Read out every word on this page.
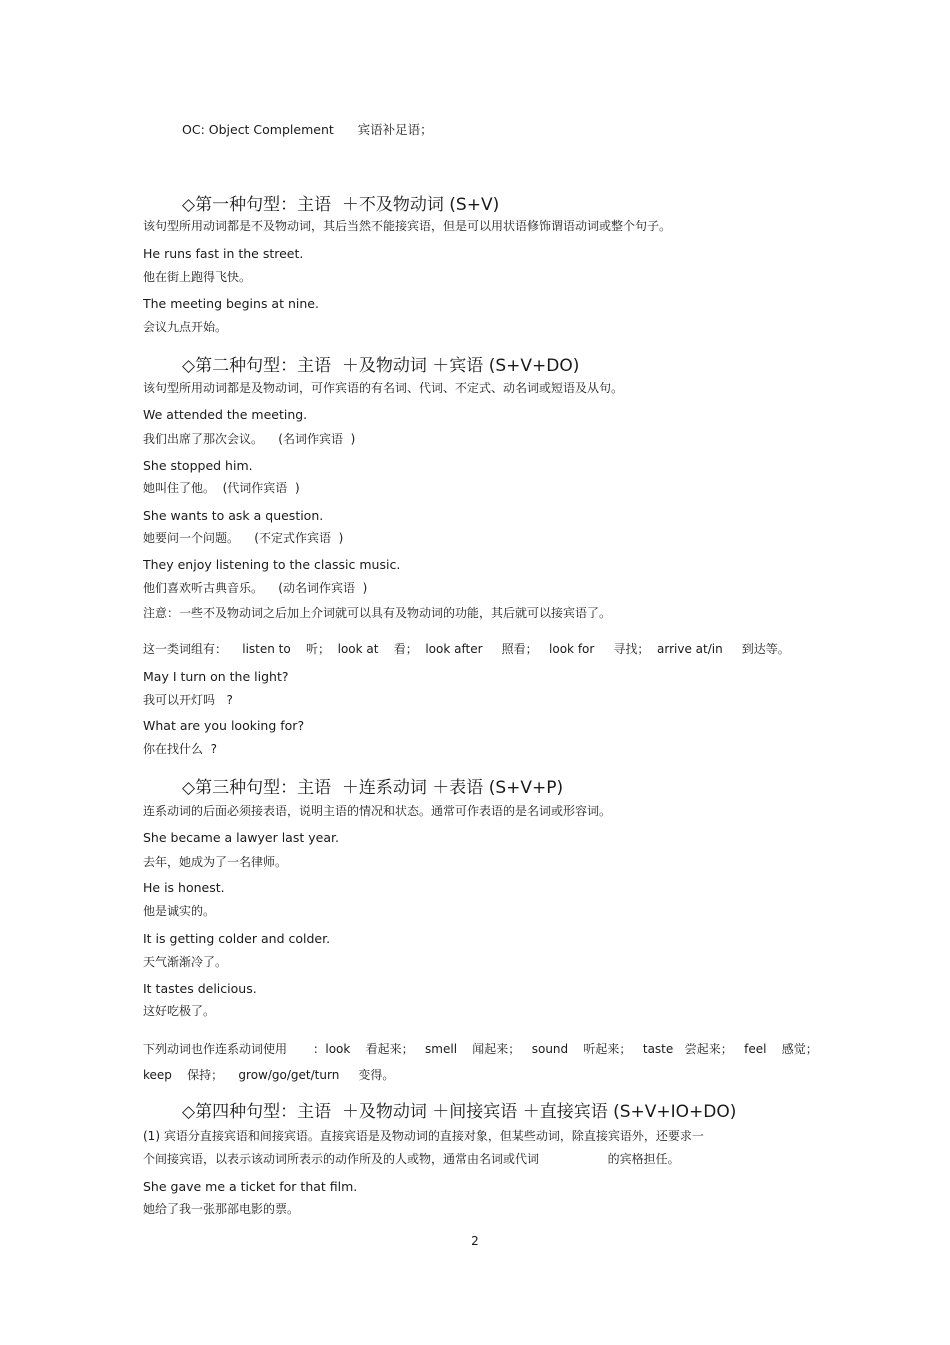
OC: Object Complement      宾语补足语；
◇第一种句型：主语  ＋不及物动词 (S+V)
该句型所用动词都是不及物动词，其后当然不能接宾语，但是可以用状语修饰谓语动词或整个句子。
He runs fast in the street.
他在街上跑得飞快。
The meeting begins at nine.
会议九点开始。
◇第二种句型：主语  ＋及物动词 ＋宾语 (S+V+DO)
该句型所用动词都是及物动词，可作宾语的有名词、代词、不定式、动名词或短语及从句。
We attended the meeting.
我们出席了那次会议。    (名词作宾语  )
She stopped him.
她叫住了他。  (代词作宾语  )
She wants to ask a question.
她要问一个问题。    (不定式作宾语  )
They enjoy listening to the classic music.
他们喜欢听古典音乐。    (动名词作宾语  )
注意：一些不及物动词之后加上介词就可以具有及物动词的功能，其后就可以接宾语了。
这一类词组有：    listen to    听；  look at    看；  look after     照看；   look for     寻找；  arrive at/in     到达等。
May I turn on the light?
我可以开灯吗   ?
What are you looking for?
你在找什么  ?
◇第三种句型：主语  ＋连系动词 ＋表语 (S+V+P)
连系动词的后面必须接表语，说明主语的情况和状态。通常可作表语的是名词或形容词。
She became a lawyer last year.
去年，她成为了一名律师。
He is honest.
他是诚实的。
It is getting colder and colder.
天气渐渐冷了。
It tastes delicious.
这好吃极了。
下列动词也作连系动词使用       :  look    看起来；   smell    闻起来；   sound    听起来；   taste   尝起来；   feel    感觉；
keep    保持；    grow/go/get/turn     变得。
◇第四种句型：主语  ＋及物动词 ＋间接宾语 ＋直接宾语 (S+V+IO+DO)
(1) 宾语分直接宾语和间接宾语。直接宾语是及物动词的直接对象，但某些动词，除直接宾语外，还要求一
个间接宾语，以表示该动词所表示的动作所及的人或物，通常由名词或代词                  的宾格担任。
She gave me a ticket for that film.
她给了我一张那部电影的票。
2
